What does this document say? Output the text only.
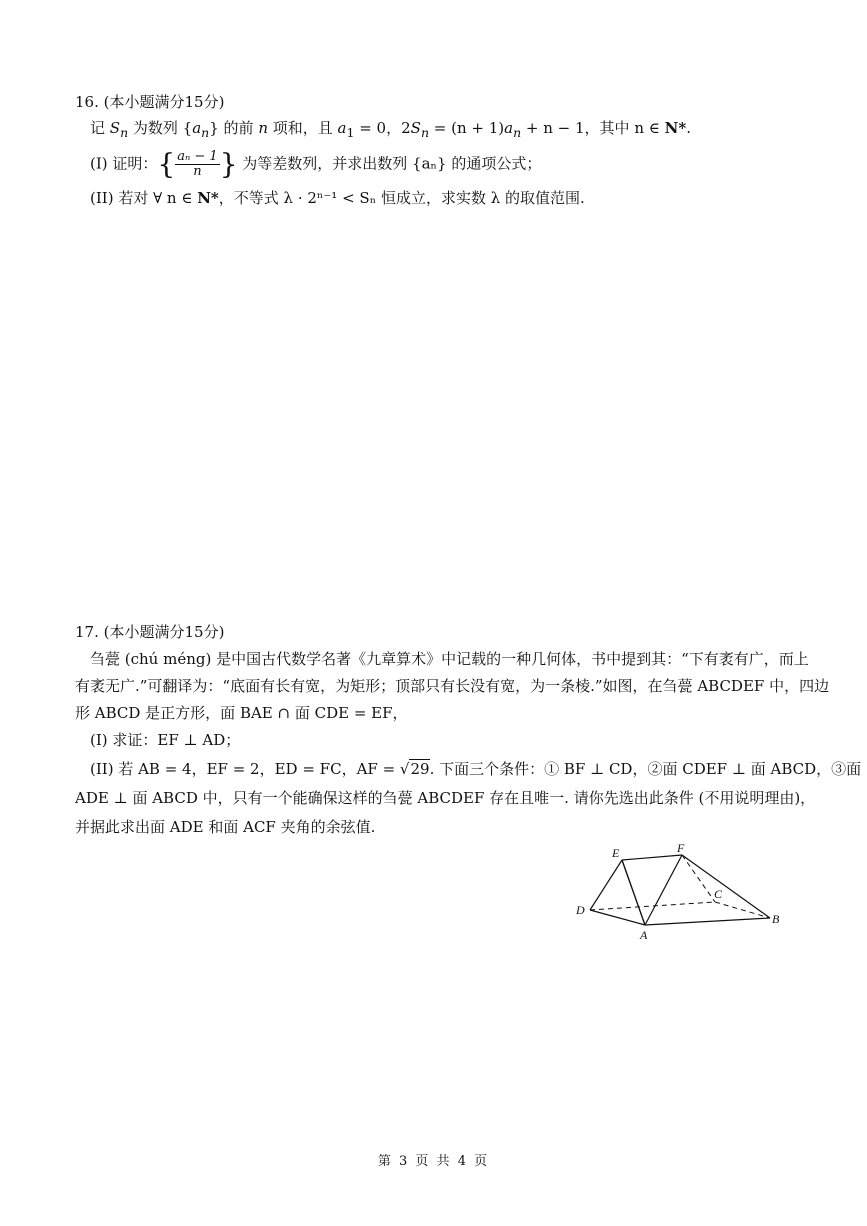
16. (本小题满分15分)
记 $S_n$ 为数列 $\{a_n\}$ 的前 n 项和，且 $a_1 = 0$，$2S_n = (n + 1)a_n + n - 1$，其中 n ∈ N*.
(I) 证明：{ $\frac{\text{aₙ − 1}}{n}$ } 为等差数列，并求出数列 {aₙ} 的通项公式；
(II) 若对 ∀ n ∈ N*，不等式 λ · 2ⁿ⁻¹ < Sₙ 恒成立，求实数 λ 的取值范围.
17. (本小题满分15分)
刍甍 (chú méng) 是中国古代数学名著《九章算术》中记载的一种几何体，书中提到其：“下有袤有广，而上
有袤无广.”可翻译为：“底面有长有宽，为矩形；顶部只有长没有宽，为一条棱.”如图，在刍甍 ABCDEF 中，四边
形 ABCD 是正方形，面 BAE ∩ 面 CDE = EF，
(I) 求证：EF ⊥ AD；
(II) 若 AB = 4，EF = 2，ED = FC，AF = √29. 下面三个条件：① BF ⊥ CD，②面 CDEF ⊥ 面 ABCD，③面
ADE ⊥ 面 ABCD 中，只有一个能确保这样的刍甍 ABCDEF 存在且唯一. 请你先选出此条件 (不用说明理由)，
并据此求出面 ADE 和面 ACF 夹角的余弦值.
E	F
C
D
A
B
第 3 页 共 4 页
